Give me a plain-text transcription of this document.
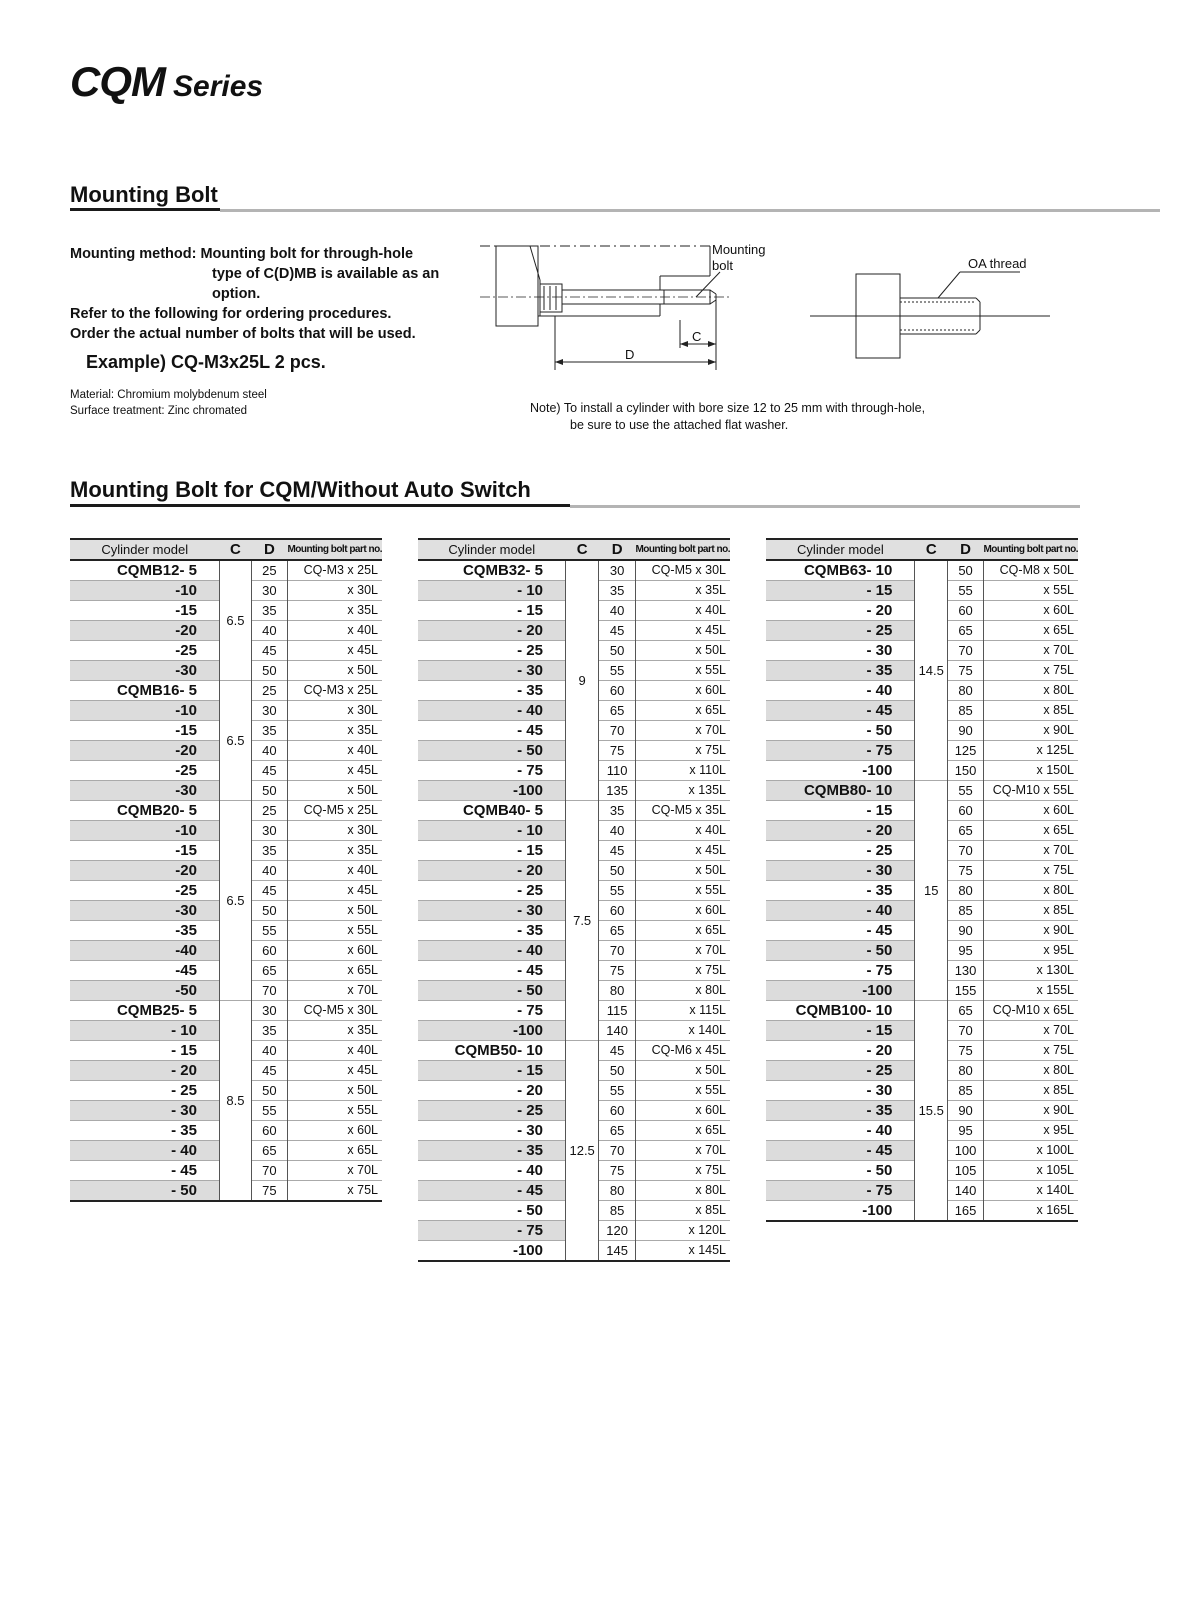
CQM Series
Mounting Bolt

Mounting method: Mounting bolt for through-hole

type of C(D)MB is available as an

option.

Refer to the following for ordering procedures.

Order the actual number of bolts that will be used.

Example) CQ-M3x25L 2 pcs.

Material: Chromium molybdenum steel

Surface treatment: Zinc chromated

Mounting
bolt
C
D
OA thread

Note) To install a cylinder with bore size 12 to 25 mm with through-hole,

be sure to use the attached flat washer.

Mounting Bolt for CQM/Without Auto Switch
Cylinder model	C	D	Mounting bolt part no.
CQMB12- 5	6.5	25	CQ-M3 x 25L
-10		30	x 30L
-15		35	x 35L
-20		40	x 40L
-25		45	x 45L
-30		50	x 50L
CQMB16- 5	6.5	25	CQ-M3 x 25L
-10		30	x 30L
-15		35	x 35L
-20		40	x 40L
-25		45	x 45L
-30		50	x 50L
CQMB20- 5	6.5	25	CQ-M5 x 25L
-10		30	x 30L
-15		35	x 35L
-20		40	x 40L
-25		45	x 45L
-30		50	x 50L
-35		55	x 55L
-40		60	x 60L
-45		65	x 65L
-50		70	x 70L
CQMB25- 5	8.5	30	CQ-M5 x 30L
- 10		35	x 35L
- 15		40	x 40L
- 20		45	x 45L
- 25		50	x 50L
- 30		55	x 55L
- 35		60	x 60L
- 40		65	x 65L
- 45		70	x 70L
- 50		75	x 75L
Cylinder model	C	D	Mounting bolt part no.
CQMB32- 5	9	30	CQ-M5 x 30L
- 10		35	x 35L
- 15		40	x 40L
- 20		45	x 45L
- 25		50	x 50L
- 30		55	x 55L
- 35		60	x 60L
- 40		65	x 65L
- 45		70	x 70L
- 50		75	x 75L
- 75		110	x 110L
-100		135	x 135L
CQMB40- 5	7.5	35	CQ-M5 x 35L
- 10		40	x 40L
- 15		45	x 45L
- 20		50	x 50L
- 25		55	x 55L
- 30		60	x 60L
- 35		65	x 65L
- 40		70	x 70L
- 45		75	x 75L
- 50		80	x 80L
- 75		115	x 115L
-100		140	x 140L
CQMB50- 10	12.5	45	CQ-M6 x 45L
- 15		50	x 50L
- 20		55	x 55L
- 25		60	x 60L
- 30		65	x 65L
- 35		70	x 70L
- 40		75	x 75L
- 45		80	x 80L
- 50		85	x 85L
- 75		120	x 120L
-100		145	x 145L
Cylinder model	C	D	Mounting bolt part no.
CQMB63- 10	14.5	50	CQ-M8 x 50L
- 15		55	x 55L
- 20		60	x 60L
- 25		65	x 65L
- 30		70	x 70L
- 35		75	x 75L
- 40		80	x 80L
- 45		85	x 85L
- 50		90	x 90L
- 75		125	x 125L
-100		150	x 150L
CQMB80- 10	15	55	CQ-M10 x 55L
- 15		60	x 60L
- 20		65	x 65L
- 25		70	x 70L
- 30		75	x 75L
- 35		80	x 80L
- 40		85	x 85L
- 45		90	x 90L
- 50		95	x 95L
- 75		130	x 130L
-100		155	x 155L
CQMB100- 10	15.5	65	CQ-M10 x 65L
- 15		70	x 70L
- 20		75	x 75L
- 25		80	x 80L
- 30		85	x 85L
- 35		90	x 90L
- 40		95	x 95L
- 45		100	x 100L
- 50		105	x 105L
- 75		140	x 140L
-100		165	x 165L
